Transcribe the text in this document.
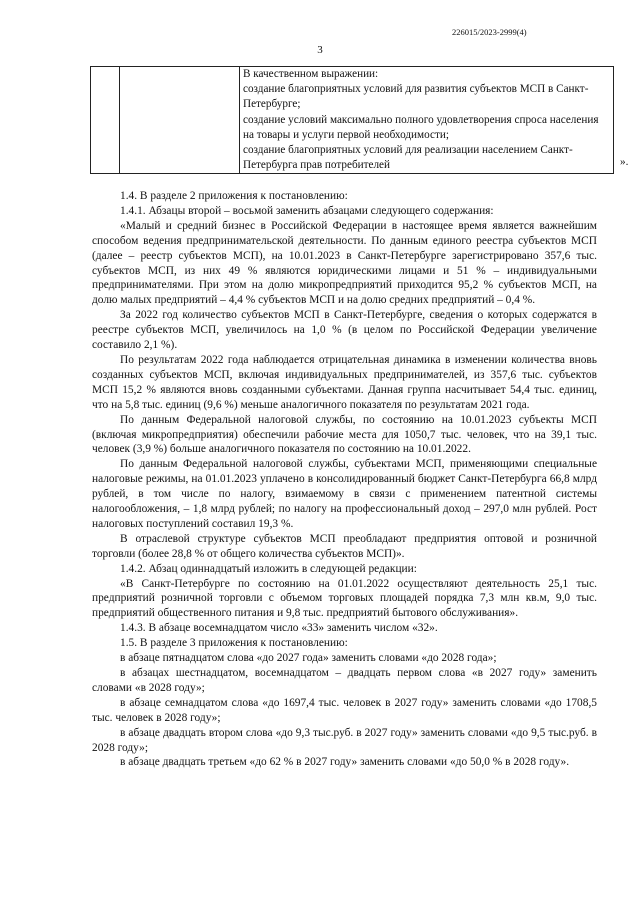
226015/2023-2999(4)
3

В качественном выражении:
создание благоприятных условий для развития субъектов МСП в Санкт-Петербурге;
создание условий максимально полного удовлетворения спроса населения на товары и услуги первой необходимости;
создание благоприятных условий для реализации населением Санкт-Петербурга прав потребителей	».

1.4. В разделе 2 приложения к постановлению:

1.4.1. Абзацы второй – восьмой заменить абзацами следующего содержания:

«Малый и средний бизнес в Российской Федерации в настоящее время является важнейшим способом ведения предпринимательской деятельности. По данным единого реестра субъектов МСП (далее – реестр субъектов МСП), на 10.01.2023 в Санкт-Петербурге зарегистрировано 357,6 тыс. субъектов МСП, из них 49 % являются юридическими лицами и 51 % – индивидуальными предпринимателями. При этом на долю микропредприятий приходится 95,2 % субъектов МСП, на долю малых предприятий – 4,4 % субъектов МСП и на долю средних предприятий – 0,4 %.

За 2022 год количество субъектов МСП в Санкт-Петербурге, сведения о которых содержатся в реестре субъектов МСП, увеличилось на 1,0 % (в целом по Российской Федерации увеличение составило 2,1 %).

По результатам 2022 года наблюдается отрицательная динамика в изменении количества вновь созданных субъектов МСП, включая индивидуальных предпринимателей, из 357,6 тыс. субъектов МСП 15,2 % являются вновь созданными субъектами. Данная группа насчитывает 54,4 тыс. единиц, что на 5,8 тыс. единиц (9,6 %) меньше аналогичного показателя по результатам 2021 года.

По данным Федеральной налоговой службы, по состоянию на 10.01.2023 субъекты МСП (включая микропредприятия) обеспечили рабочие места для 1050,7 тыс. человек, что на 39,1 тыс. человек (3,9 %) больше аналогичного показателя по состоянию на 10.01.2022.

По данным Федеральной налоговой службы, субъектами МСП, применяющими специальные налоговые режимы, на 01.01.2023 уплачено в консолидированный бюджет Санкт-Петербурга 66,8 млрд рублей, в том числе по налогу, взимаемому в связи с применением патентной системы налогообложения, – 1,8 млрд рублей; по налогу на профессиональный доход – 297,0 млн рублей. Рост налоговых поступлений составил 19,3 %.

В отраслевой структуре субъектов МСП преобладают предприятия оптовой и розничной торговли (более 28,8 % от общего количества субъектов МСП)».

1.4.2. Абзац одиннадцатый изложить в следующей редакции:

«В Санкт-Петербурге по состоянию на 01.01.2022 осуществляют деятельность 25,1 тыс. предприятий розничной торговли с объемом торговых площадей порядка 7,3 млн кв.м, 9,0 тыс. предприятий общественного питания и 9,8 тыс. предприятий бытового обслуживания».

1.4.3. В абзаце восемнадцатом число «33» заменить числом «32».

1.5. В разделе 3 приложения к постановлению:

в абзаце пятнадцатом слова «до 2027 года» заменить словами «до 2028 года»;

в абзацах шестнадцатом, восемнадцатом – двадцать первом слова «в 2027 году» заменить словами «в 2028 году»;

в абзаце семнадцатом слова «до 1697,4 тыс. человек в 2027 году» заменить словами «до 1708,5 тыс. человек в 2028 году»;

в абзаце двадцать втором слова «до 9,3 тыс.руб. в 2027 году» заменить словами «до 9,5 тыс.руб. в 2028 году»;

в абзаце двадцать третьем «до 62 % в 2027 году» заменить словами «до 50,0 % в 2028 году».
